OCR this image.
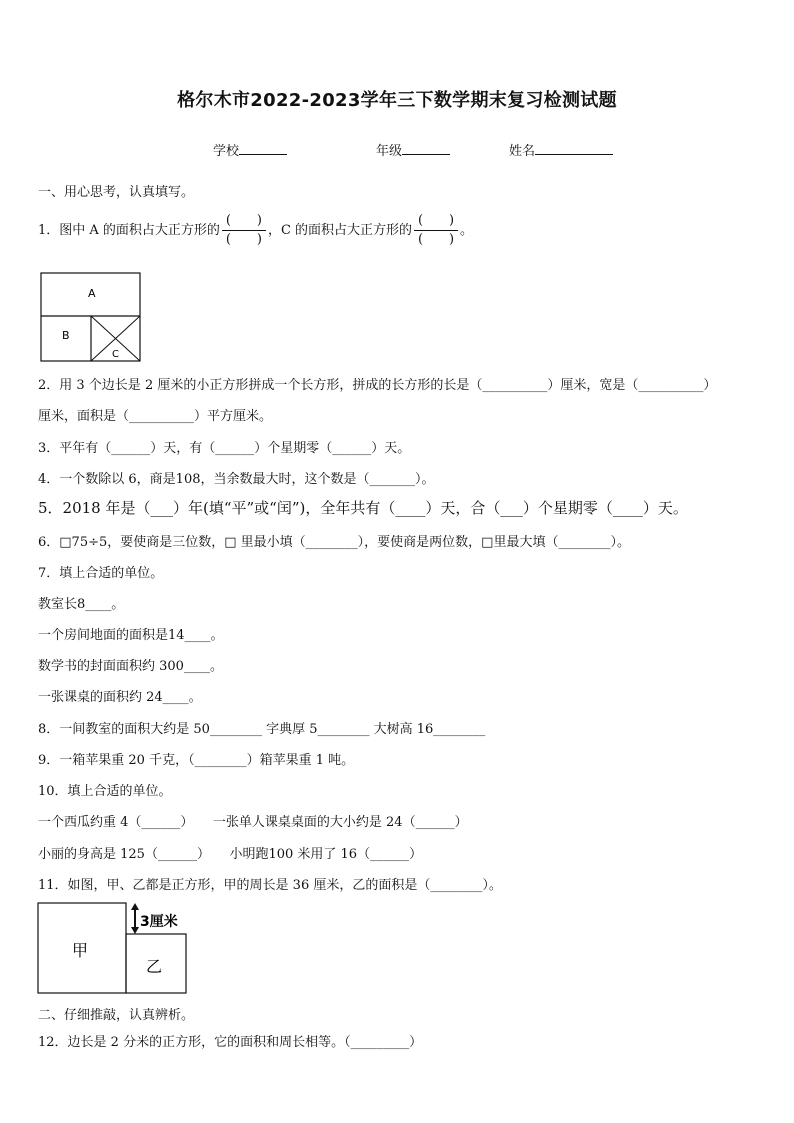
格尔木市2022-2023学年三下数学期末复习检测试题
学校	年级	姓名
一、用心思考，认真填写。
1．图中 A 的面积占大正方形的 $\frac{( )}{( )}$ ，C 的面积占大正方形的 $\frac{( )}{( )}$ 。
A
B
C
2．用 3 个边长是 2 厘米的小正方形拼成一个长方形，拼成的长方形的长是（__________）厘米，宽是（__________）
厘米，面积是（__________）平方厘米。
3．平年有（______）天，有（______）个星期零（______）天。
4．一个数除以 6，商是108，当余数最大时，这个数是（_______）。
5．2018 年是（___）年(填“平”或“闰”)，全年共有（____）天，合（___）个星期零（____）天。
6．□75÷5，要使商是三位数，□ 里最小填（________），要使商是两位数，□里最大填（________）。
7．填上合适的单位。
教室长8____。
一个房间地面的面积是14____。
数学书的封面面积约 300____。
一张课桌的面积约 24____。
8．一间教室的面积大约是 50________ 字典厚 5________ 大树高 16________
9．一箱苹果重 20 千克，（________）箱苹果重 1 吨。
10．填上合适的单位。
一个西瓜约重 4（______）　　一张单人课桌桌面的大小约是 24（______）
小丽的身高是 125（______）　　小明跑100 米用了 16（______）
11．如图，甲、乙都是正方形，甲的周长是 36 厘米，乙的面积是（________）。
甲
乙
3厘米
二、仔细推敲，认真辨析。
12．边长是 2 分米的正方形，它的面积和周长相等。（_________）
